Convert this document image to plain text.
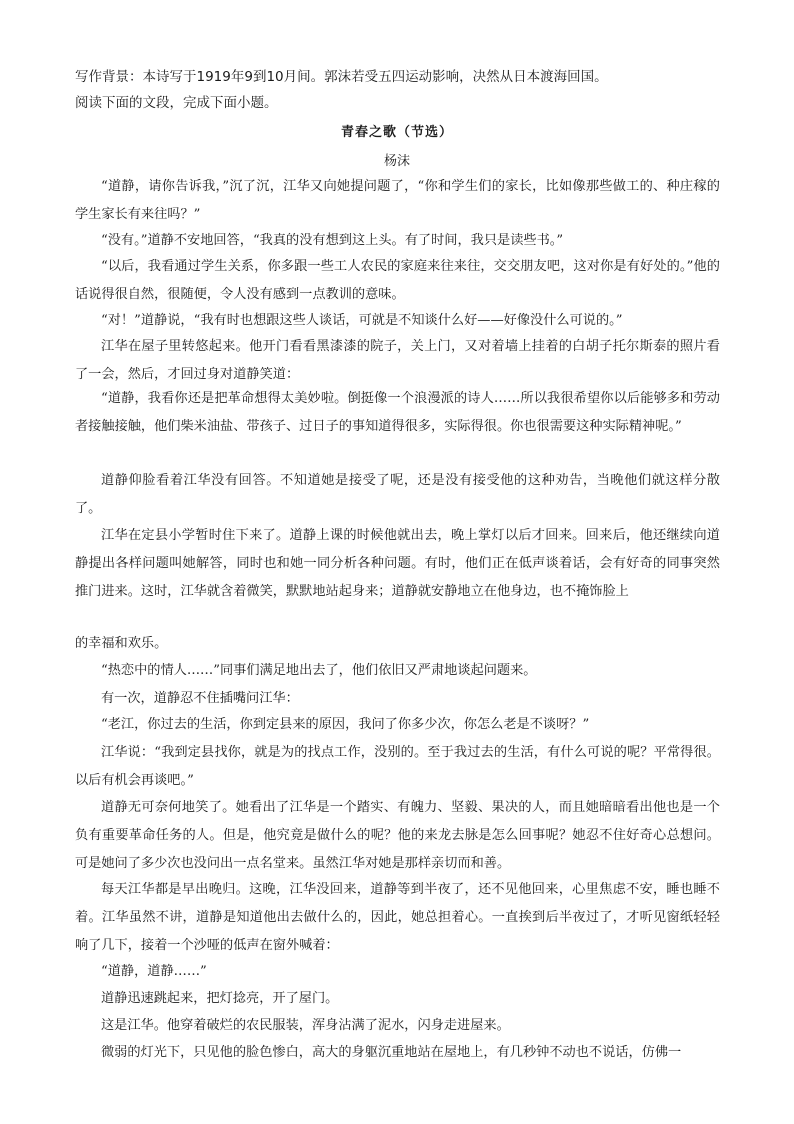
写作背景：本诗写于1919年9到10月间。郭沫若受五四运动影响，决然从日本渡海回国。
阅读下面的文段，完成下面小题。
青春之歌（节选）
杨沫

“道静，请你告诉我，”沉了沉，江华又向她提问题了，“你和学生们的家长，比如像那些做工的、种庄稼的学生家长有来往吗？”

“没有。”道静不安地回答，“我真的没有想到这上头。有了时间，我只是读些书。”

“以后，我看通过学生关系，你多跟一些工人农民的家庭来往来往，交交朋友吧，这对你是有好处的。”他的话说得很自然，很随便，令人没有感到一点教训的意味。

“对！”道静说，“我有时也想跟这些人谈话，可就是不知谈什么好——好像没什么可说的。”

江华在屋子里转悠起来。他开门看看黑漆漆的院子，关上门，又对着墙上挂着的白胡子托尔斯泰的照片看了一会，然后，才回过身对道静笑道：

“道静，我看你还是把革命想得太美妙啦。倒挺像一个浪漫派的诗人……所以我很希望你以后能够多和劳动者接触接触，他们柴米油盐、带孩子、过日子的事知道得很多，实际得很。你也很需要这种实际精神呢。”

道静仰脸看着江华没有回答。不知道她是接受了呢，还是没有接受他的这种劝告，当晚他们就这样分散了。

江华在定县小学暂时住下来了。道静上课的时候他就出去，晚上掌灯以后才回来。回来后，他还继续向道静提出各样问题叫她解答，同时也和她一同分析各种问题。有时，他们正在低声谈着话，会有好奇的同事突然推门进来。这时，江华就含着微笑，默默地站起身来；道静就安静地立在他身边，也不掩饰脸上

的幸福和欢乐。

“热恋中的情人……”同事们满足地出去了，他们依旧又严肃地谈起问题来。

有一次，道静忍不住插嘴问江华：

“老江，你过去的生活，你到定县来的原因，我问了你多少次，你怎么老是不谈呀？”

江华说：“我到定县找你，就是为的找点工作，没别的。至于我过去的生活，有什么可说的呢？平常得很。以后有机会再谈吧。”

道静无可奈何地笑了。她看出了江华是一个踏实、有魄力、坚毅、果决的人，而且她暗暗看出他也是一个负有重要革命任务的人。但是，他究竟是做什么的呢？他的来龙去脉是怎么回事呢？她忍不住好奇心总想问。可是她问了多少次也没问出一点名堂来。虽然江华对她是那样亲切而和善。

每天江华都是早出晚归。这晚，江华没回来，道静等到半夜了，还不见他回来，心里焦虑不安，睡也睡不着。江华虽然不讲，道静是知道他出去做什么的，因此，她总担着心。一直挨到后半夜过了，才听见窗纸轻轻响了几下，接着一个沙哑的低声在窗外喊着：

“道静，道静……”

道静迅速跳起来，把灯捻亮，开了屋门。

这是江华。他穿着破烂的农民服装，浑身沾满了泥水，闪身走进屋来。

微弱的灯光下，只见他的脸色惨白，高大的身躯沉重地站在屋地上，有几秒钟不动也不说话，仿佛一
